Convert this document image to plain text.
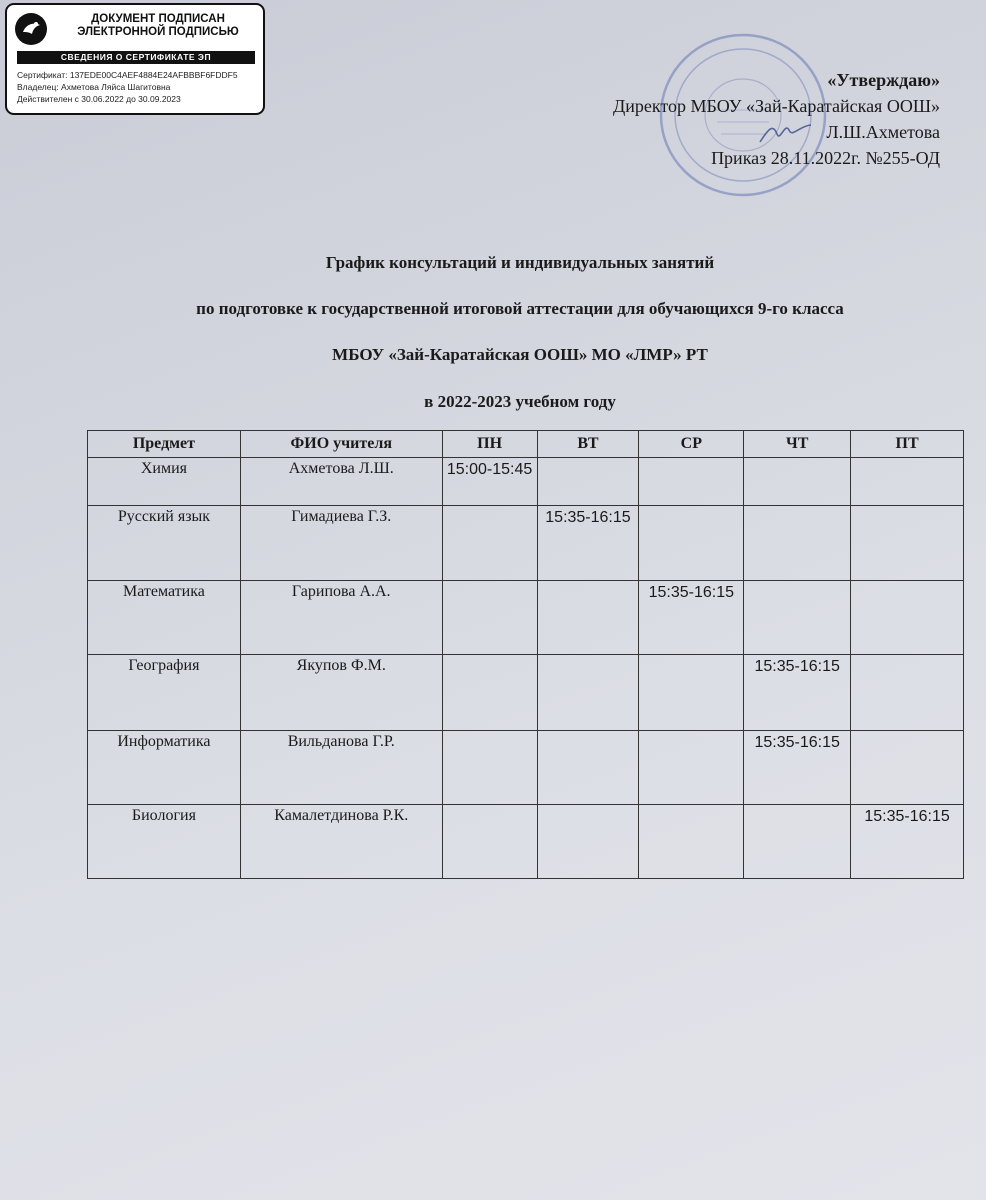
ДОКУМЕНТ ПОДПИСАН
ЭЛЕКТРОННОЙ ПОДПИСЬЮ
СВЕДЕНИЯ О СЕРТИФИКАТЕ ЭП
Сертификат: 137EDE00C4AEF4884E24AFBBBF6FDDF5
Владелец: Ахметова Ляйса Шагитовна
Действителен с 30.06.2022 до 30.09.2023
«Утверждаю»
Директор МБОУ «Зай-Каратайская ООШ»
Л.Ш.Ахметова
Приказ 28.11.2022г. №255-ОД
График консультаций и индивидуальных занятий
по подготовке к государственной итоговой аттестации для обучающихся 9-го класса
МБОУ «Зай-Каратайская ООШ» МО «ЛМР» РТ
в 2022-2023 учебном году
Предмет	ФИО учителя	ПН	ВТ	СР	ЧТ	ПТ
Химия	Ахметова Л.Ш.	15:00-15:45				
Русский язык	Гимадиева Г.З.		15:35-16:15			
Математика	Гарипова А.А.			15:35-16:15		
География	Якупов Ф.М.				15:35-16:15	
Информатика	Вильданова Г.Р.				15:35-16:15	
Биология	Камалетдинова Р.К.					15:35-16:15
